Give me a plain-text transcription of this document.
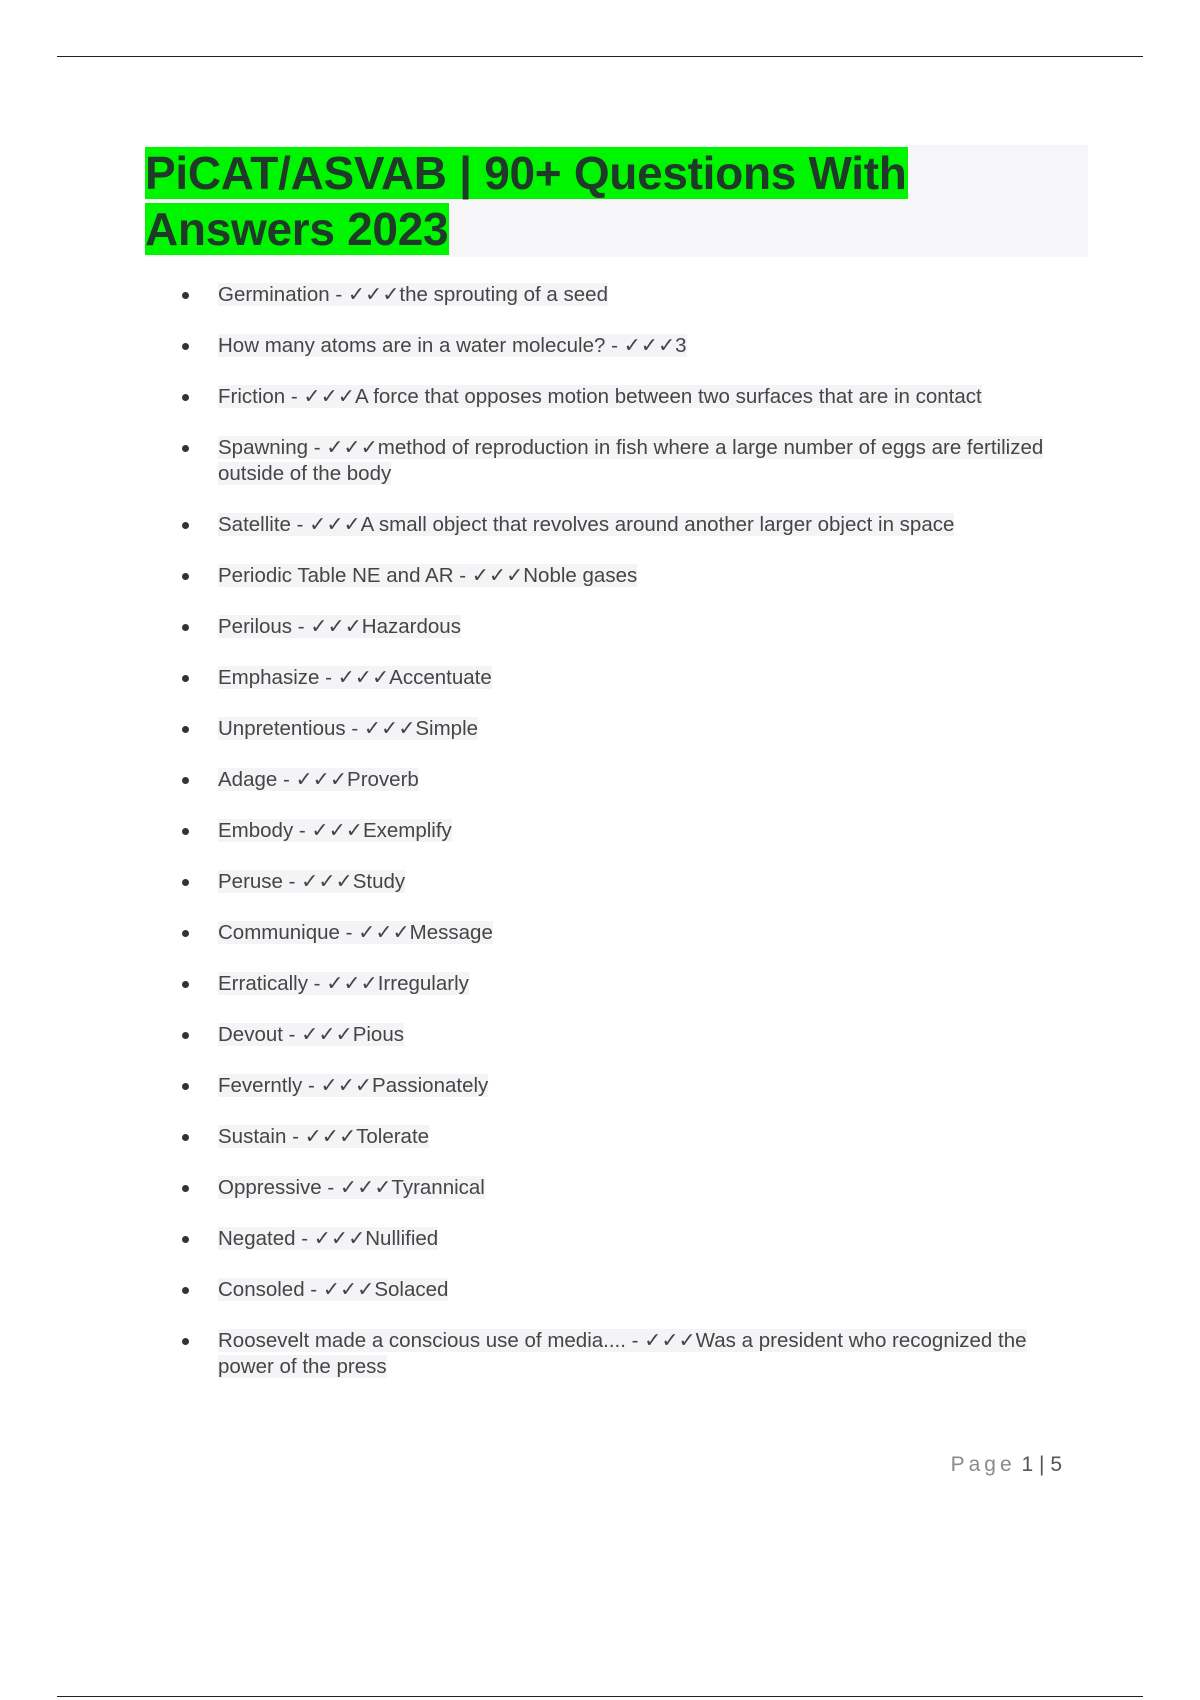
PiCAT/ASVAB | 90+ Questions With
Answers 2023
Germination - ✓✓✓the sprouting of a seed
How many atoms are in a water molecule? - ✓✓✓3
Friction - ✓✓✓A force that opposes motion between two surfaces that are in contact
Spawning - ✓✓✓method of reproduction in fish where a large number of eggs are fertilized outside of the body
Satellite - ✓✓✓A small object that revolves around another larger object in space
Periodic Table NE and AR - ✓✓✓Noble gases
Perilous - ✓✓✓Hazardous
Emphasize - ✓✓✓Accentuate
Unpretentious - ✓✓✓Simple
Adage - ✓✓✓Proverb
Embody - ✓✓✓Exemplify
Peruse - ✓✓✓Study
Communique - ✓✓✓Message
Erratically - ✓✓✓Irregularly
Devout - ✓✓✓Pious
Feverntly - ✓✓✓Passionately
Sustain - ✓✓✓Tolerate
Oppressive - ✓✓✓Tyrannical
Negated - ✓✓✓Nullified
Consoled - ✓✓✓Solaced
Roosevelt made a conscious use of media.... - ✓✓✓Was a president who recognized the power of the press
Page 1 | 5
